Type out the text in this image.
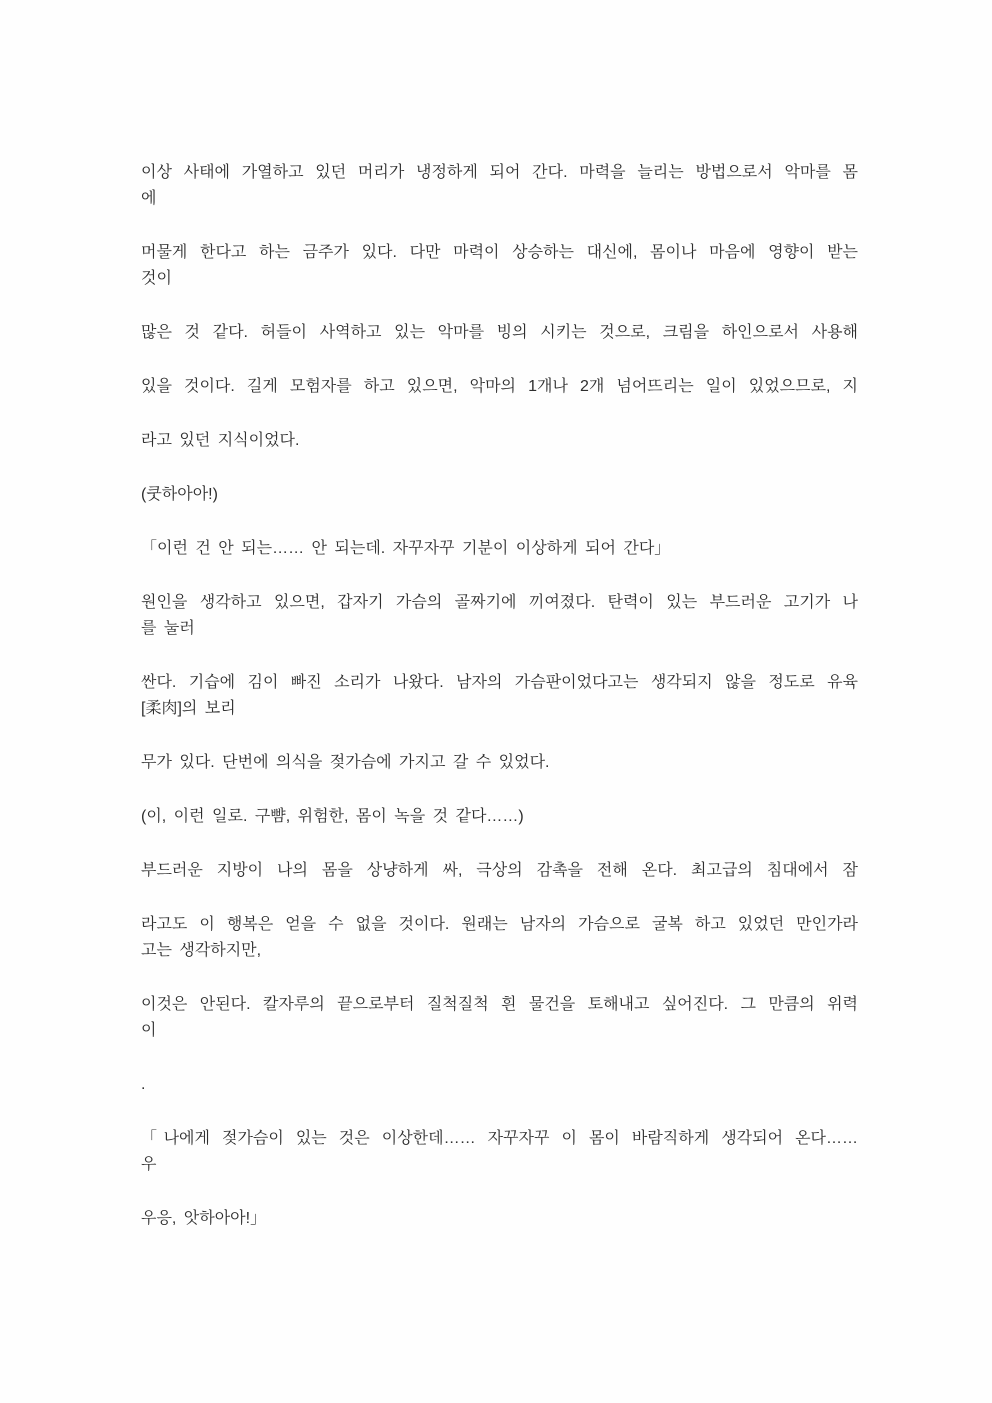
이상 사태에 가열하고 있던 머리가 냉정하게 되어 간다. 마력을 늘리는 방법으로서 악마를 몸
에

머물게 한다고 하는 금주가 있다. 다만 마력이 상승하는 대신에, 몸이나 마음에 영향이 받는
것이

많은 것 같다. 허들이 사역하고 있는 악마를 빙의 시키는 것으로, 크림을 하인으로서 사용해

있을 것이다. 길게 모험자를 하고 있으면, 악마의 1개나 2개 넘어뜨리는 일이 있었으므로, 지

라고 있던 지식이었다.

(쿳하아아!)

「이런 건 안 되는…… 안 되는데. 자꾸자꾸 기분이 이상하게 되어 간다」

원인을 생각하고 있으면, 갑자기 가슴의 골짜기에 끼여졌다. 탄력이 있는 부드러운 고기가 나
를 눌러

싼다. 기습에 김이 빠진 소리가 나왔다. 남자의 가슴판이었다고는 생각되지 않을 정도로 유육
[柔肉]의 보리

무가 있다. 단번에 의식을 젖가슴에 가지고 갈 수 있었다.

(이, 이런 일로. 구뺨, 위험한, 몸이 녹을 것 같다……)

부드러운 지방이 나의 몸을 상냥하게 싸, 극상의 감촉을 전해 온다. 최고급의 침대에서 잠

라고도 이 행복은 얻을 수 없을 것이다. 원래는 남자의 가슴으로 굴복 하고 있었던 만인가라
고는 생각하지만,

이것은 안된다. 칼자루의 끝으로부터 질척질척 흰 물건을 토해내고 싶어진다. 그 만큼의 위력
이

.

「나에게 젖가슴이 있는 것은 이상한데…… 자꾸자꾸 이 몸이 바람직하게 생각되어 온다……
우

우응, 앗하아아!」
